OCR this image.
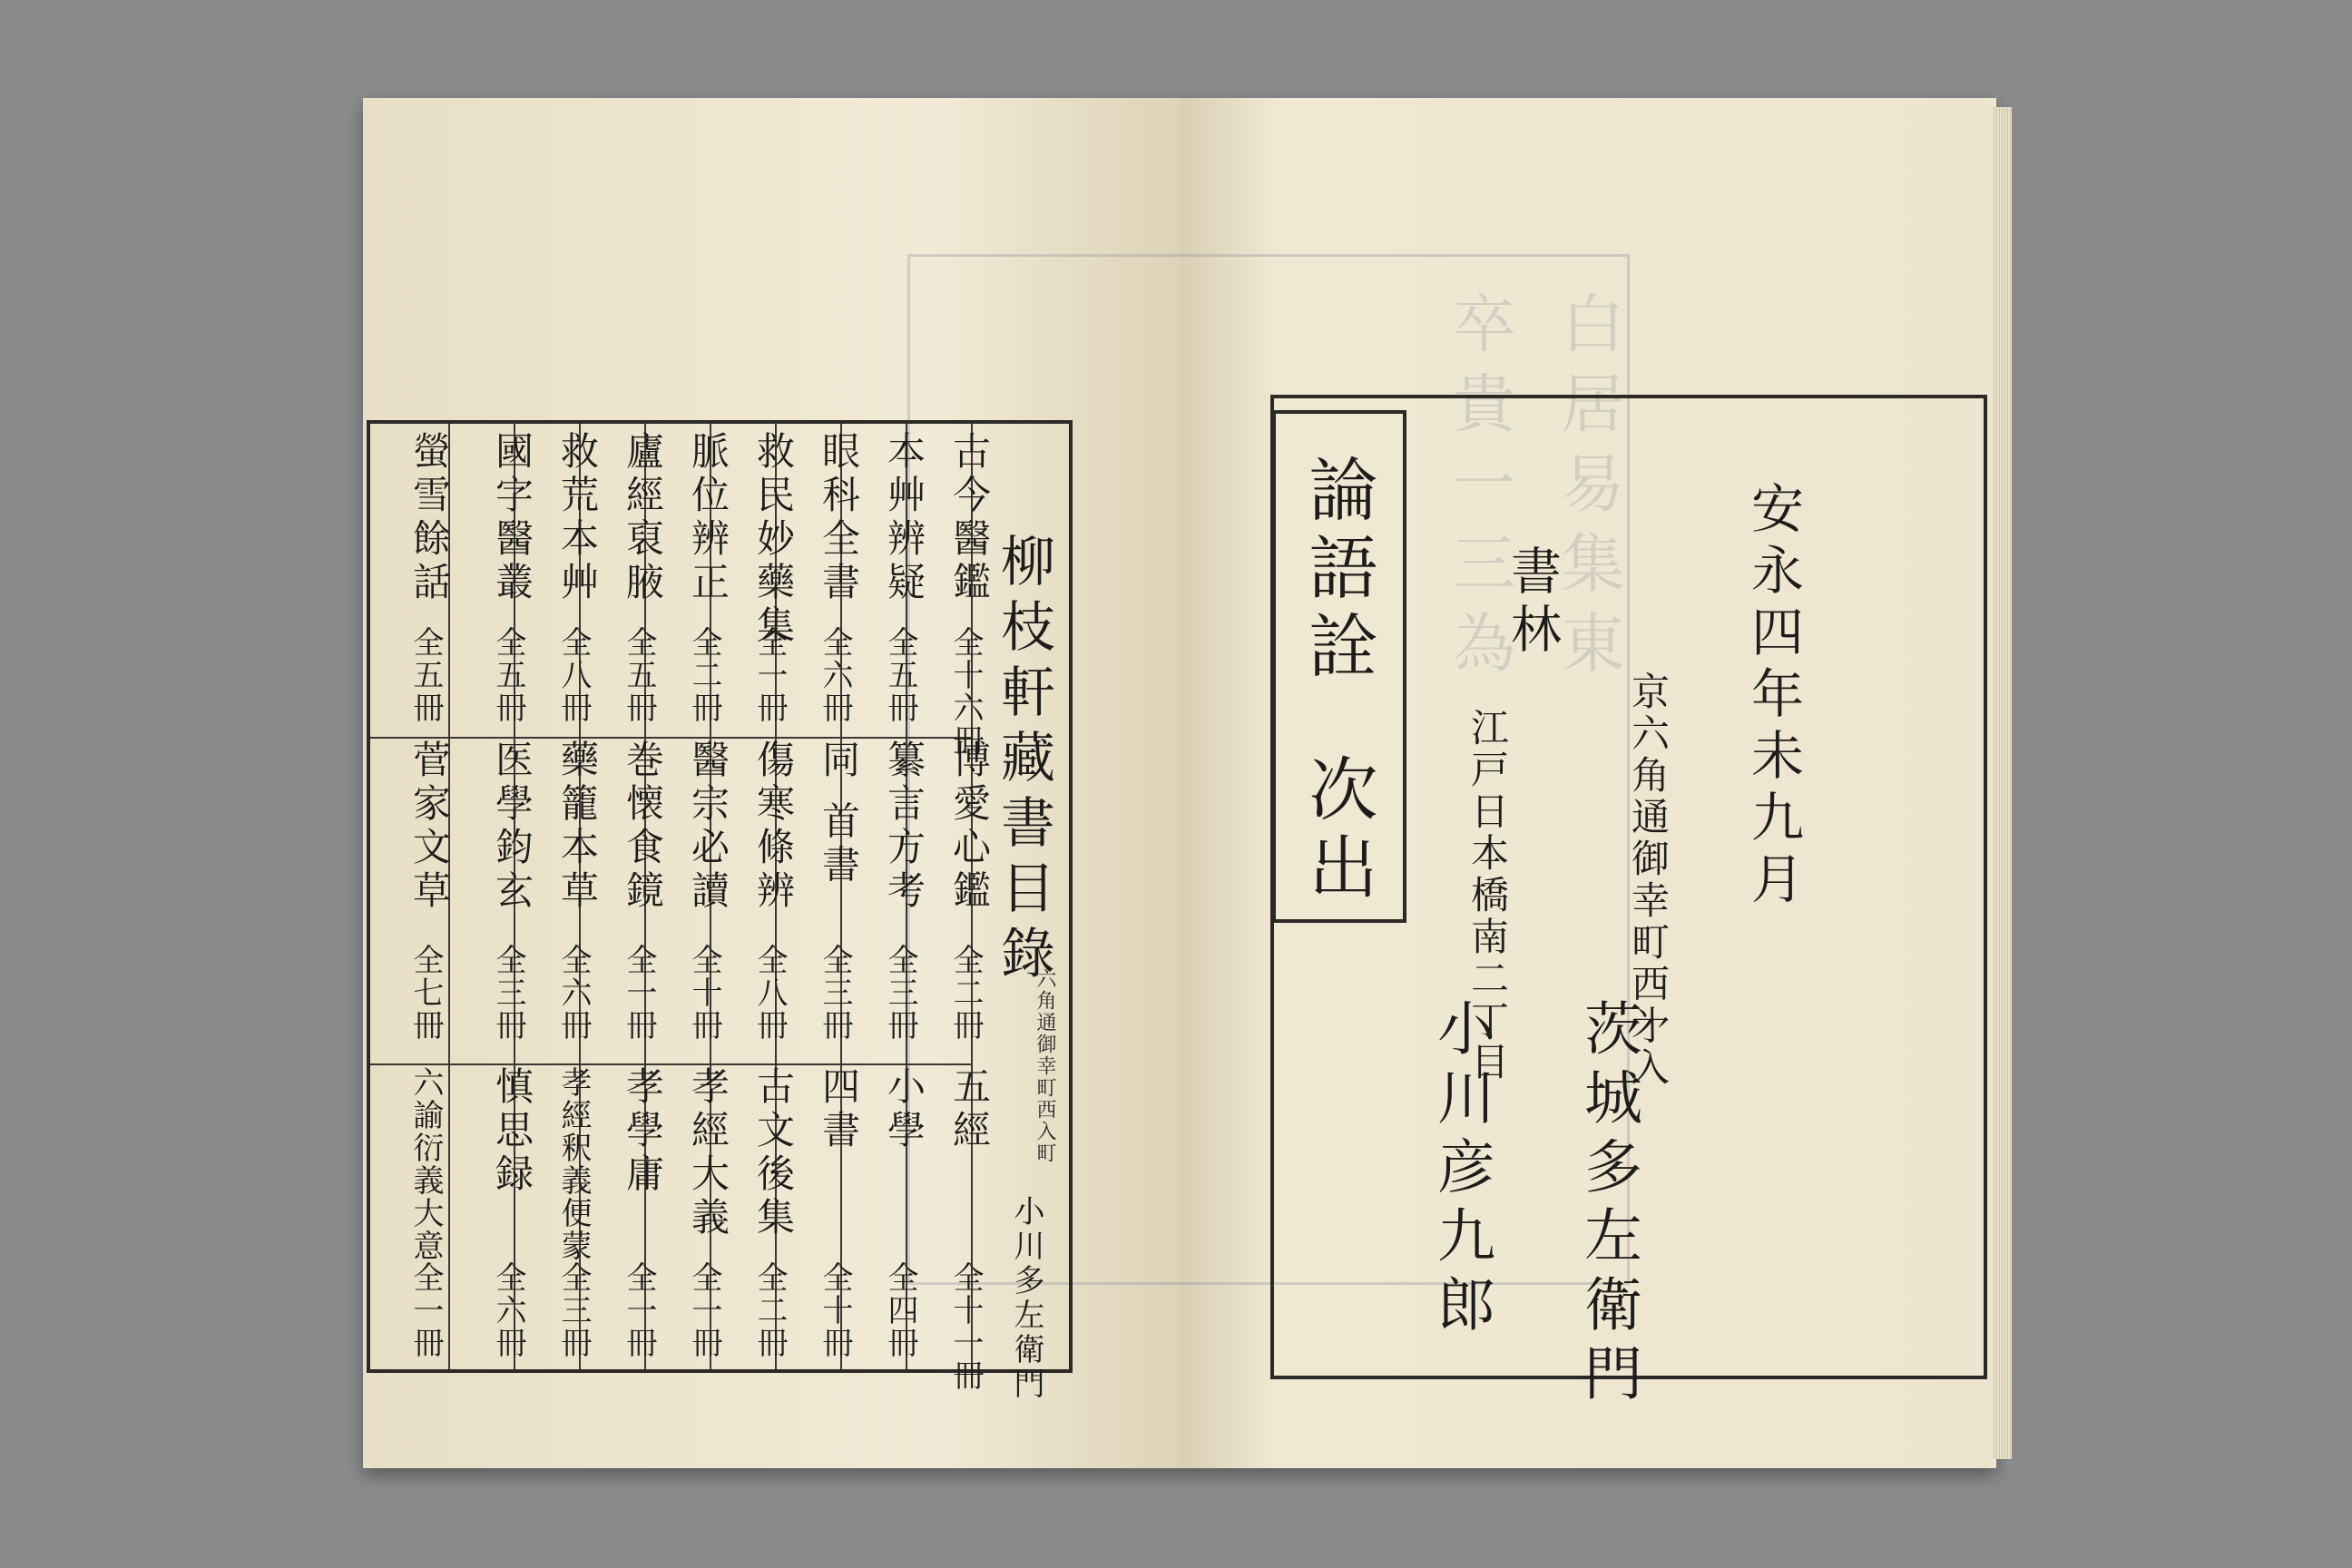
柳枝軒藏書目錄
六角通御幸町西入町
小川多左衛門
古今醫鑑
全十六冊
博愛心鑑
全二冊
五經
全十一冊
本艸辨疑
全五冊
纂言方考
全三冊
小學
全四冊
眼科全書
全六冊
同 首書
全三冊
四書
全十冊
救民妙藥集
全一冊
傷寒條辨
全八冊
古文後集
全二冊
脈位辨正
全二冊
醫宗必讀
全十冊
孝經大義
全一冊
廬經裒腋
全五冊
巻懐食鏡
全一冊
孝學庸
全一冊
救荒本艸
全八冊
藥籠本草
全六冊
孝經釈義便蒙
全三冊
國字醫叢
全五冊
医學鈞玄
全三冊
慎思録
全六冊
螢雪餘話
全五冊
菅家文草
全七冊
六諭衍義大意
全一冊
白居易集東
卒貴一三為
論語詮
次出	安永四年未九月
書林
京六角通御幸町西㐧入
茨城多左衛門
江戸日本橋南二丁目
小川彦九郎
